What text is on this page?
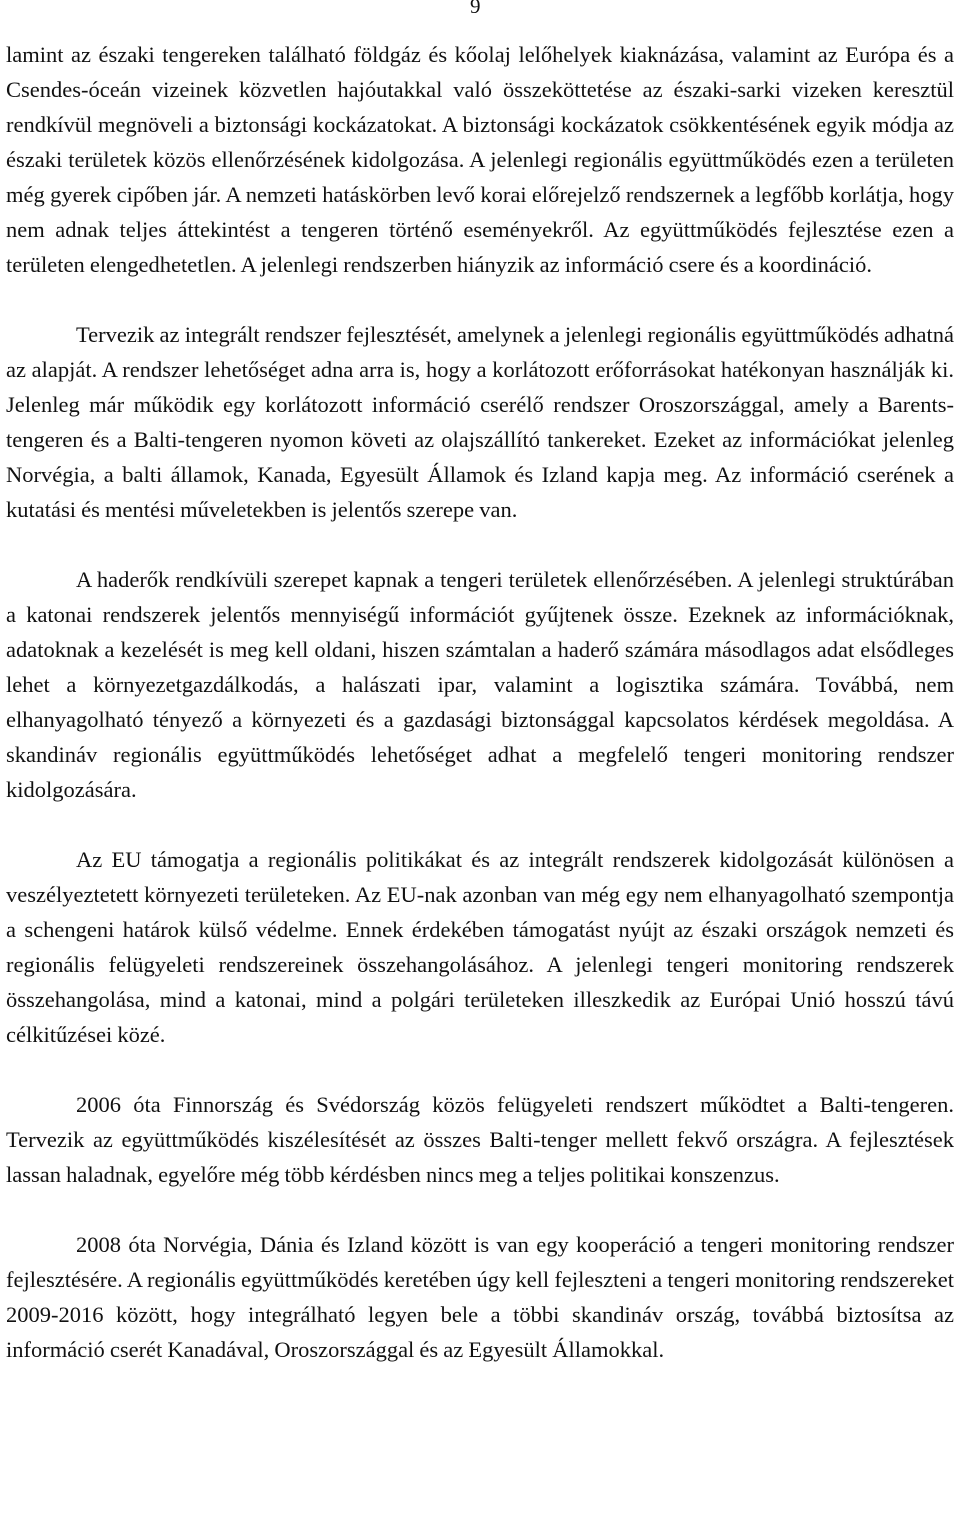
9

lamint az északi tengereken található földgáz és kőolaj lelőhelyek kiaknázása, valamint az Európa és a Csendes-óceán vizeinek közvetlen hajóutakkal való összeköttetése az északi-sarki vizeken keresztül rendkívül megnöveli a biztonsági kockázatokat. A biztonsági kockázatok csökkentésének egyik módja az északi területek közös ellenőrzésének kidolgozása. A jelenlegi regionális együttműködés ezen a területen még gyerek cipőben jár. A nemzeti hatáskörben levő korai előrejelző rendszernek a legfőbb korlátja, hogy nem adnak teljes áttekintést a tengeren történő eseményekről. Az együttműködés fejlesztése ezen a területen elengedhetetlen. A jelenlegi rendszerben hiányzik az információ csere és a koordináció.

Tervezik az integrált rendszer fejlesztését, amelynek a jelenlegi regionális együttműködés adhatná az alapját. A rendszer lehetőséget adna arra is, hogy a korlátozott erőforrásokat hatékonyan használják ki. Jelenleg már működik egy korlátozott információ cserélő rendszer Oroszországgal, amely a Barents-tengeren és a Balti-tengeren nyomon követi az olajszállító tankereket. Ezeket az információkat jelenleg Norvégia, a balti államok, Kanada, Egyesült Államok és Izland kapja meg. Az információ cserének a kutatási és mentési műveletekben is jelentős szerepe van.

A haderők rendkívüli szerepet kapnak a tengeri területek ellenőrzésében. A jelenlegi struktúrában a katonai rendszerek jelentős mennyiségű információt gyűjtenek össze. Ezeknek az információknak, adatoknak a kezelését is meg kell oldani, hiszen számtalan a haderő számára másodlagos adat elsődleges lehet a környezetgazdálkodás, a halászati ipar, valamint a logisztika számára. Továbbá, nem elhanyagolható tényező a környezeti és a gazdasági biztonsággal kapcsolatos kérdések megoldása. A skandináv regionális együttműködés lehetőséget adhat a megfelelő tengeri monitoring rendszer kidolgozására.

Az EU támogatja a regionális politikákat és az integrált rendszerek kidolgozását különösen a veszélyeztetett környezeti területeken. Az EU-nak azonban van még egy nem elhanyagolható szempontja a schengeni határok külső védelme. Ennek érdekében támogatást nyújt az északi országok nemzeti és regionális felügyeleti rendszereinek összehangolásához. A jelenlegi tengeri monitoring rendszerek összehangolása, mind a katonai, mind a polgári területeken illeszkedik az Európai Unió hosszú távú célkitűzései közé.

2006 óta Finnország és Svédország közös felügyeleti rendszert működtet a Balti-tengeren. Tervezik az együttműködés kiszélesítését az összes Balti-tenger mellett fekvő országra. A fejlesztések lassan haladnak, egyelőre még több kérdésben nincs meg a teljes politikai konszenzus.

2008 óta Norvégia, Dánia és Izland között is van egy kooperáció a tengeri monitoring rendszer fejlesztésére. A regionális együttműködés keretében úgy kell fejleszteni a tengeri monitoring rendszereket 2009-2016 között, hogy integrálható legyen bele a többi skandináv ország, továbbá biztosítsa az információ cserét Kanadával, Oroszországgal és az Egyesült Államokkal.
